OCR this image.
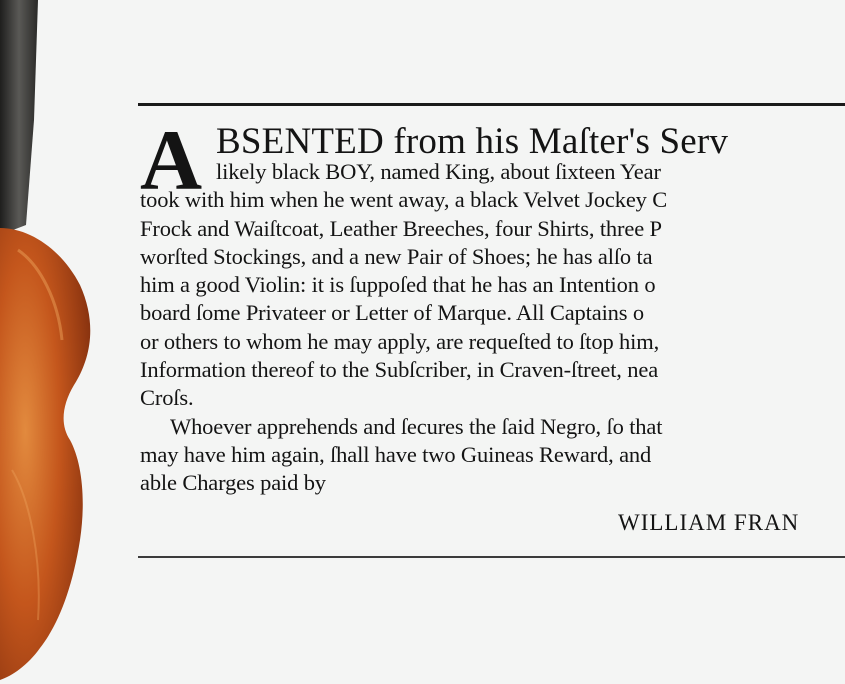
A BSENTED from his Maſter's Serv
likely black BOY, named King, about ſixteen Year
took with him when he went away, a black Velvet Jockey C
Frock and Waiſtcoat, Leather Breeches, four Shirts, three P
worſted Stockings, and a new Pair of Shoes; he has alſo ta
him a good Violin: it is ſuppoſed that he has an Intention o
board ſome Privateer or Letter of Marque. All Captains o
or others to whom he may apply, are requeſted to ſtop him,
Information thereof to the Subſcriber, in Craven-ſtreet, nea
Croſs.
Whoever apprehends and ſecures the ſaid Negro, ſo that
may have him again, ſhall have two Guineas Reward, and
able Charges paid by
WILLIAM FRAN
